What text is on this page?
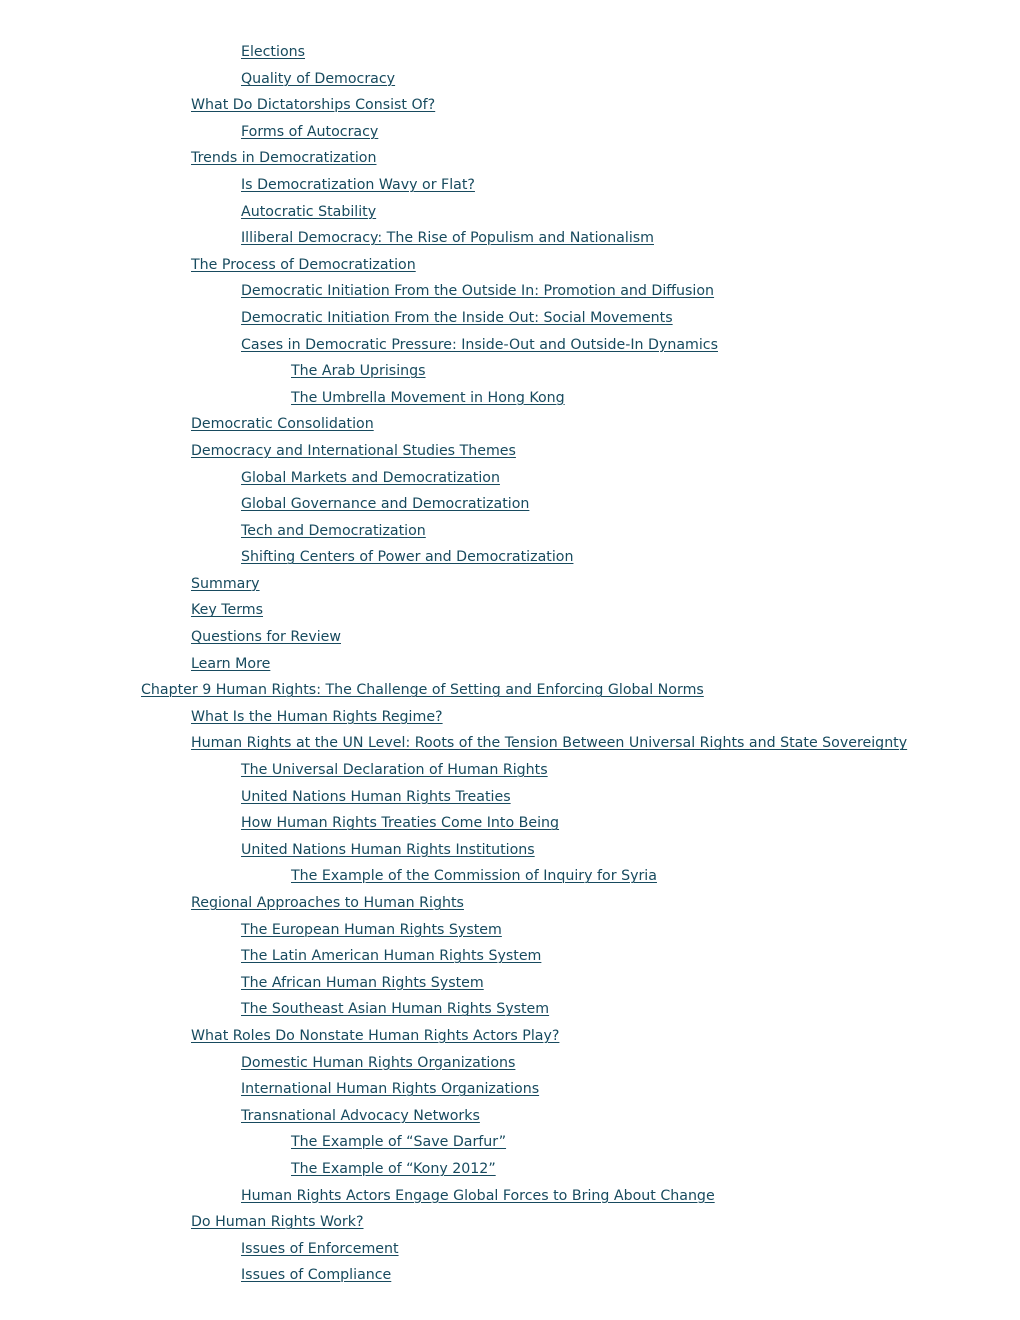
Elections
Quality of Democracy
What Do Dictatorships Consist Of?
Forms of Autocracy
Trends in Democratization
Is Democratization Wavy or Flat?
Autocratic Stability
Illiberal Democracy: The Rise of Populism and Nationalism
The Process of Democratization
Democratic Initiation From the Outside In: Promotion and Diffusion
Democratic Initiation From the Inside Out: Social Movements
Cases in Democratic Pressure: Inside-Out and Outside-In Dynamics
The Arab Uprisings
The Umbrella Movement in Hong Kong
Democratic Consolidation
Democracy and International Studies Themes
Global Markets and Democratization
Global Governance and Democratization
Tech and Democratization
Shifting Centers of Power and Democratization
Summary
Key Terms
Questions for Review
Learn More
Chapter 9 Human Rights: The Challenge of Setting and Enforcing Global Norms
What Is the Human Rights Regime?
Human Rights at the UN Level: Roots of the Tension Between Universal Rights and State Sovereignty
The Universal Declaration of Human Rights
United Nations Human Rights Treaties
How Human Rights Treaties Come Into Being
United Nations Human Rights Institutions
The Example of the Commission of Inquiry for Syria
Regional Approaches to Human Rights
The European Human Rights System
The Latin American Human Rights System
The African Human Rights System
The Southeast Asian Human Rights System
What Roles Do Nonstate Human Rights Actors Play?
Domestic Human Rights Organizations
International Human Rights Organizations
Transnational Advocacy Networks
The Example of “Save Darfur”
The Example of “Kony 2012”
Human Rights Actors Engage Global Forces to Bring About Change
Do Human Rights Work?
Issues of Enforcement
Issues of Compliance
